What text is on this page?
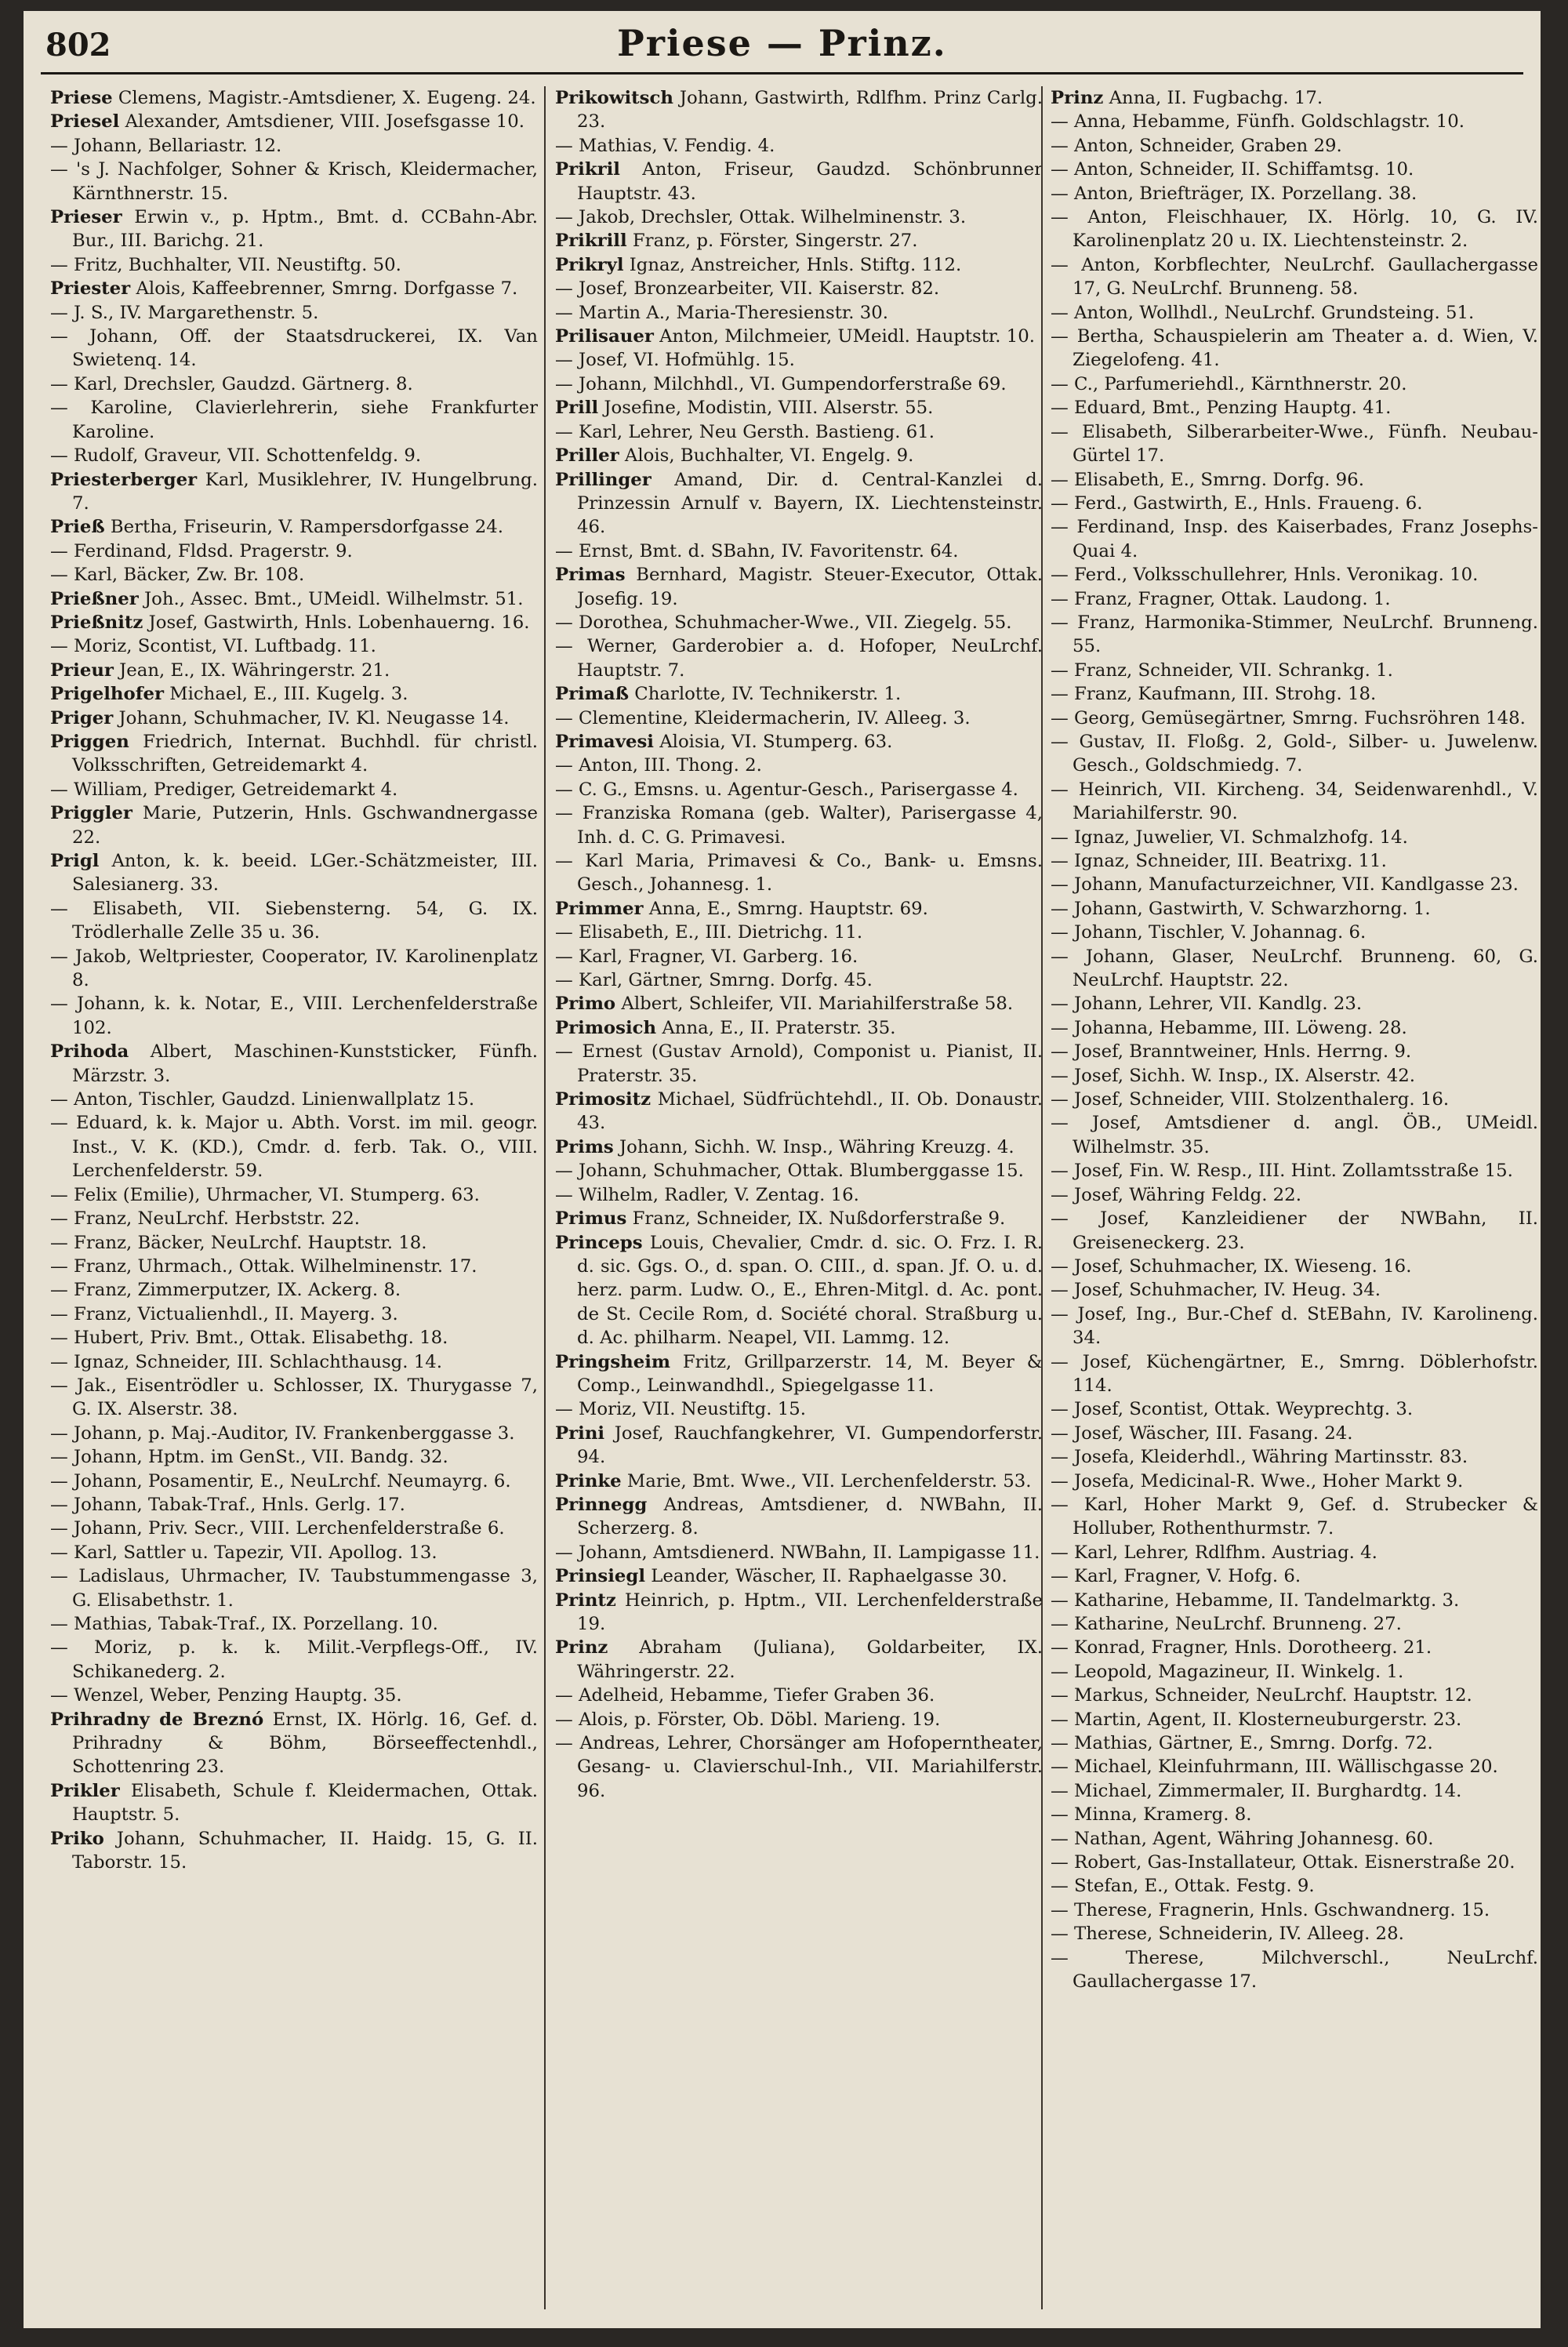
802	Priese — Prinz.

Priese Clemens, Magistr.-Amtsdiener, X. Eugeng. 24.

Priesel Alexander, Amtsdiener, VIII. Josefsgasse 10.

— Johann, Bellariastr. 12.

— 's J. Nachfolger, Sohner & Krisch, Kleidermacher, Kärnthnerstr. 15.

Prieser Erwin v., p. Hptm., Bmt. d. CCBahn-Abr. Bur., III. Barichg. 21.

— Fritz, Buchhalter, VII. Neustiftg. 50.

Priester Alois, Kaffeebrenner, Smrng. Dorfgasse 7.

— J. S., IV. Margarethenstr. 5.

— Johann, Off. der Staatsdruckerei, IX. Van Swietenq. 14.

— Karl, Drechsler, Gaudzd. Gärtnerg. 8.

— Karoline, Clavierlehrerin, siehe Frankfurter Karoline.

— Rudolf, Graveur, VII. Schottenfeldg. 9.

Priesterberger Karl, Musiklehrer, IV. Hungelbrung. 7.

Prieß Bertha, Friseurin, V. Rampersdorfgasse 24.

— Ferdinand, Fldsd. Pragerstr. 9.

— Karl, Bäcker, Zw. Br. 108.

Prießner Joh., Assec. Bmt., UMeidl. Wilhelmstr. 51.

Prießnitz Josef, Gastwirth, Hnls. Lobenhauerng. 16.

— Moriz, Scontist, VI. Luftbadg. 11.

Prieur Jean, E., IX. Währingerstr. 21.

Prigelhofer Michael, E., III. Kugelg. 3.

Priger Johann, Schuhmacher, IV. Kl. Neugasse 14.

Priggen Friedrich, Internat. Buchhdl. für christl. Volksschriften, Getreidemarkt 4.

— William, Prediger, Getreidemarkt 4.

Priggler Marie, Putzerin, Hnls. Gschwandnergasse 22.

Prigl Anton, k. k. beeid. LGer.-Schätzmeister, III. Salesianerg. 33.

— Elisabeth, VII. Siebensterng. 54, G. IX. Trödlerhalle Zelle 35 u. 36.

— Jakob, Weltpriester, Cooperator, IV. Karolinenplatz 8.

— Johann, k. k. Notar, E., VIII. Lerchenfelderstraße 102.

Prihoda Albert, Maschinen-Kunststicker, Fünfh. Märzstr. 3.

— Anton, Tischler, Gaudzd. Linienwallplatz 15.

— Eduard, k. k. Major u. Abth. Vorst. im mil. geogr. Inst., V. K. (KD.), Cmdr. d. ferb. Tak. O., VIII. Lerchenfelderstr. 59.

— Felix (Emilie), Uhrmacher, VI. Stumperg. 63.

— Franz, NeuLrchf. Herbststr. 22.

— Franz, Bäcker, NeuLrchf. Hauptstr. 18.

— Franz, Uhrmach., Ottak. Wilhelminenstr. 17.

— Franz, Zimmerputzer, IX. Ackerg. 8.

— Franz, Victualienhdl., II. Mayerg. 3.

— Hubert, Priv. Bmt., Ottak. Elisabethg. 18.

— Ignaz, Schneider, III. Schlachthausg. 14.

— Jak., Eisentrödler u. Schlosser, IX. Thurygasse 7, G. IX. Alserstr. 38.

— Johann, p. Maj.-Auditor, IV. Frankenberggasse 3.

— Johann, Hptm. im GenSt., VII. Bandg. 32.

— Johann, Posamentir, E., NeuLrchf. Neumayrg. 6.

— Johann, Tabak-Traf., Hnls. Gerlg. 17.

— Johann, Priv. Secr., VIII. Lerchenfelderstraße 6.

— Karl, Sattler u. Tapezir, VII. Apollog. 13.

— Ladislaus, Uhrmacher, IV. Taubstummengasse 3, G. Elisabethstr. 1.

— Mathias, Tabak-Traf., IX. Porzellang. 10.

— Moriz, p. k. k. Milit.-Verpflegs-Off., IV. Schikanederg. 2.

— Wenzel, Weber, Penzing Hauptg. 35.

Prihradny de Breznó Ernst, IX. Hörlg. 16, Gef. d. Prihradny & Böhm, Börseeffectenhdl., Schottenring 23.

Prikler Elisabeth, Schule f. Kleidermachen, Ottak. Hauptstr. 5.

Priko Johann, Schuhmacher, II. Haidg. 15, G. II. Taborstr. 15.

Prikowitsch Johann, Gastwirth, Rdlfhm. Prinz Carlg. 23.

— Mathias, V. Fendig. 4.

Prikril Anton, Friseur, Gaudzd. Schönbrunner Hauptstr. 43.

— Jakob, Drechsler, Ottak. Wilhelminenstr. 3.

Prikrill Franz, p. Förster, Singerstr. 27.

Prikryl Ignaz, Anstreicher, Hnls. Stiftg. 112.

— Josef, Bronzearbeiter, VII. Kaiserstr. 82.

— Martin A., Maria-Theresienstr. 30.

Prilisauer Anton, Milchmeier, UMeidl. Hauptstr. 10.

— Josef, VI. Hofmühlg. 15.

— Johann, Milchhdl., VI. Gumpendorferstraße 69.

Prill Josefine, Modistin, VIII. Alserstr. 55.

— Karl, Lehrer, Neu Gersth. Bastieng. 61.

Priller Alois, Buchhalter, VI. Engelg. 9.

Prillinger Amand, Dir. d. Central-Kanzlei d. Prinzessin Arnulf v. Bayern, IX. Liechtensteinstr. 46.

— Ernst, Bmt. d. SBahn, IV. Favoritenstr. 64.

Primas Bernhard, Magistr. Steuer-Executor, Ottak. Josefig. 19.

— Dorothea, Schuhmacher-Wwe., VII. Ziegelg. 55.

— Werner, Garderobier a. d. Hofoper, NeuLrchf. Hauptstr. 7.

Primaß Charlotte, IV. Technikerstr. 1.

— Clementine, Kleidermacherin, IV. Alleeg. 3.

Primavesi Aloisia, VI. Stumperg. 63.

— Anton, III. Thong. 2.

— C. G., Emsns. u. Agentur-Gesch., Parisergasse 4.

— Franziska Romana (geb. Walter), Parisergasse 4, Inh. d. C. G. Primavesi.

— Karl Maria, Primavesi & Co., Bank- u. Emsns. Gesch., Johannesg. 1.

Primmer Anna, E., Smrng. Hauptstr. 69.

— Elisabeth, E., III. Dietrichg. 11.

— Karl, Fragner, VI. Garberg. 16.

— Karl, Gärtner, Smrng. Dorfg. 45.

Primo Albert, Schleifer, VII. Mariahilferstraße 58.

Primosich Anna, E., II. Praterstr. 35.

— Ernest (Gustav Arnold), Componist u. Pianist, II. Praterstr. 35.

Primositz Michael, Südfrüchtehdl., II. Ob. Donaustr. 43.

Prims Johann, Sichh. W. Insp., Währing Kreuzg. 4.

— Johann, Schuhmacher, Ottak. Blumberggasse 15.

— Wilhelm, Radler, V. Zentag. 16.

Primus Franz, Schneider, IX. Nußdorferstraße 9.

Princeps Louis, Chevalier, Cmdr. d. sic. O. Frz. I. R. d. sic. Ggs. O., d. span. O. CIII., d. span. Jf. O. u. d. herz. parm. Ludw. O., E., Ehren-Mitgl. d. Ac. pont. de St. Cecile Rom, d. Société choral. Straßburg u. d. Ac. philharm. Neapel, VII. Lammg. 12.

Pringsheim Fritz, Grillparzerstr. 14, M. Beyer & Comp., Leinwandhdl., Spiegelgasse 11.

— Moriz, VII. Neustiftg. 15.

Prini Josef, Rauchfangkehrer, VI. Gumpendorferstr. 94.

Prinke Marie, Bmt. Wwe., VII. Lerchenfelderstr. 53.

Prinnegg Andreas, Amtsdiener, d. NWBahn, II. Scherzerg. 8.

— Johann, Amtsdienerd. NWBahn, II. Lampigasse 11.

Prinsiegl Leander, Wäscher, II. Raphaelgasse 30.

Printz Heinrich, p. Hptm., VII. Lerchenfelderstraße 19.

Prinz Abraham (Juliana), Goldarbeiter, IX. Währingerstr. 22.

— Adelheid, Hebamme, Tiefer Graben 36.

— Alois, p. Förster, Ob. Döbl. Marieng. 19.

— Andreas, Lehrer, Chorsänger am Hofoperntheater, Gesang- u. Clavierschul-Inh., VII. Mariahilferstr. 96.

Prinz Anna, II. Fugbachg. 17.

— Anna, Hebamme, Fünfh. Goldschlagstr. 10.

— Anton, Schneider, Graben 29.

— Anton, Schneider, II. Schiffamtsg. 10.

— Anton, Briefträger, IX. Porzellang. 38.

— Anton, Fleischhauer, IX. Hörlg. 10, G. IV. Karolinenplatz 20 u. IX. Liechtensteinstr. 2.

— Anton, Korbflechter, NeuLrchf. Gaullachergasse 17, G. NeuLrchf. Brunneng. 58.

— Anton, Wollhdl., NeuLrchf. Grundsteing. 51.

— Bertha, Schauspielerin am Theater a. d. Wien, V. Ziegelofeng. 41.

— C., Parfumeriehdl., Kärnthnerstr. 20.

— Eduard, Bmt., Penzing Hauptg. 41.

— Elisabeth, Silberarbeiter-Wwe., Fünfh. Neubau-Gürtel 17.

— Elisabeth, E., Smrng. Dorfg. 96.

— Ferd., Gastwirth, E., Hnls. Fraueng. 6.

— Ferdinand, Insp. des Kaiserbades, Franz Josephs-Quai 4.

— Ferd., Volksschullehrer, Hnls. Veronikag. 10.

— Franz, Fragner, Ottak. Laudong. 1.

— Franz, Harmonika-Stimmer, NeuLrchf. Brunneng. 55.

— Franz, Schneider, VII. Schrankg. 1.

— Franz, Kaufmann, III. Strohg. 18.

— Georg, Gemüsegärtner, Smrng. Fuchsröhren 148.

— Gustav, II. Floßg. 2, Gold-, Silber- u. Juwelenw. Gesch., Goldschmiedg. 7.

— Heinrich, VII. Kircheng. 34, Seidenwarenhdl., V. Mariahilferstr. 90.

— Ignaz, Juwelier, VI. Schmalzhofg. 14.

— Ignaz, Schneider, III. Beatrixg. 11.

— Johann, Manufacturzeichner, VII. Kandlgasse 23.

— Johann, Gastwirth, V. Schwarzhorng. 1.

— Johann, Tischler, V. Johannag. 6.

— Johann, Glaser, NeuLrchf. Brunneng. 60, G. NeuLrchf. Hauptstr. 22.

— Johann, Lehrer, VII. Kandlg. 23.

— Johanna, Hebamme, III. Löweng. 28.

— Josef, Branntweiner, Hnls. Herrng. 9.

— Josef, Sichh. W. Insp., IX. Alserstr. 42.

— Josef, Schneider, VIII. Stolzenthalerg. 16.

— Josef, Amtsdiener d. angl. ÖB., UMeidl. Wilhelmstr. 35.

— Josef, Fin. W. Resp., III. Hint. Zollamtsstraße 15.

— Josef, Währing Feldg. 22.

— Josef, Kanzleidiener der NWBahn, II. Greiseneckerg. 23.

— Josef, Schuhmacher, IX. Wieseng. 16.

— Josef, Schuhmacher, IV. Heug. 34.

— Josef, Ing., Bur.-Chef d. StEBahn, IV. Karolineng. 34.

— Josef, Küchengärtner, E., Smrng. Döblerhofstr. 114.

— Josef, Scontist, Ottak. Weyprechtg. 3.

— Josef, Wäscher, III. Fasang. 24.

— Josefa, Kleiderhdl., Währing Martinsstr. 83.

— Josefa, Medicinal-R. Wwe., Hoher Markt 9.

— Karl, Hoher Markt 9, Gef. d. Strubecker & Holluber, Rothenthurmstr. 7.

— Karl, Lehrer, Rdlfhm. Austriag. 4.

— Karl, Fragner, V. Hofg. 6.

— Katharine, Hebamme, II. Tandelmarktg. 3.

— Katharine, NeuLrchf. Brunneng. 27.

— Konrad, Fragner, Hnls. Dorotheerg. 21.

— Leopold, Magazineur, II. Winkelg. 1.

— Markus, Schneider, NeuLrchf. Hauptstr. 12.

— Martin, Agent, II. Klosterneuburgerstr. 23.

— Mathias, Gärtner, E., Smrng. Dorfg. 72.

— Michael, Kleinfuhrmann, III. Wällischgasse 20.

— Michael, Zimmermaler, II. Burghardtg. 14.

— Minna, Kramerg. 8.

— Nathan, Agent, Währing Johannesg. 60.

— Robert, Gas-Installateur, Ottak. Eisnerstraße 20.

— Stefan, E., Ottak. Festg. 9.

— Therese, Fragnerin, Hnls. Gschwandnerg. 15.

— Therese, Schneiderin, IV. Alleeg. 28.

— Therese, Milchverschl., NeuLrchf. Gaullachergasse 17.
